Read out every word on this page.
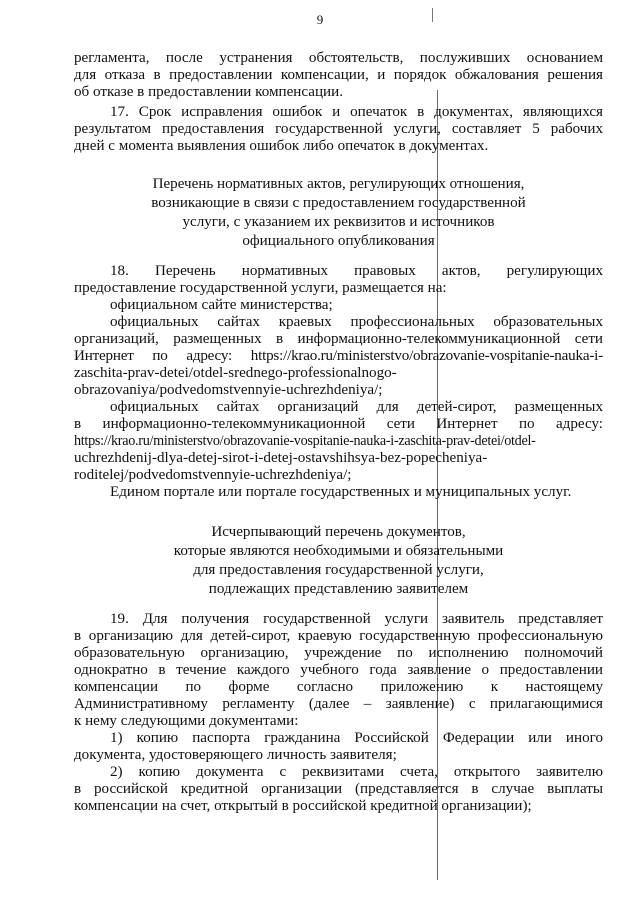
9
регламента, после устранения обстоятельств, послуживших основанием
для отказа в предоставлении компенсации, и порядок обжалования решения
об отказе в предоставлении компенсации.
17. Срок исправления ошибок и опечаток в документах, являющихся
результатом предоставления государственной услуги, составляет 5 рабочих
дней с момента выявления ошибок либо опечаток в документах.
Перечень нормативных актов, регулирующих отношения,
возникающие в связи с предоставлением государственной
услуги, с указанием их реквизитов и источников
официального опубликования
18. Перечень нормативных правовых актов, регулирующих
предоставление государственной услуги, размещается на:
официальном сайте министерства;
официальных сайтах краевых профессиональных образовательных
организаций, размещенных в информационно-телекоммуникационной сети
Интернет по адресу: https://krao.ru/ministerstvo/obrazovanie-vospitanie-nauka-i-
zaschita-prav-detei/otdel-srednego-professionalnogo-
obrazovaniya/podvedomstvennyie-uchrezhdeniya/;
официальных сайтах организаций для детей-сирот, размещенных
в информационно-телекоммуникационной сети Интернет по адресу:
https://krao.ru/ministerstvo/obrazovanie-vospitanie-nauka-i-zaschita-prav-detei/otdel-
uchrezhdenij-dlya-detej-sirot-i-detej-ostavshihsya-bez-popecheniya-
roditelej/podvedomstvennyie-uchrezhdeniya/;
Едином портале или портале государственных и муниципальных услуг.
Исчерпывающий перечень документов,
которые являются необходимыми и обязательными
для предоставления государственной услуги,
подлежащих представлению заявителем
19. Для получения государственной услуги заявитель представляет
в организацию для детей-сирот, краевую государственную профессиональную
образовательную организацию, учреждение по исполнению полномочий
однократно в течение каждого учебного года заявление о предоставлении
компенсации по форме согласно приложению к настоящему
Административному регламенту (далее – заявление) с прилагающимися
к нему следующими документами:
1) копию паспорта гражданина Российской Федерации или иного
документа, удостоверяющего личность заявителя;
2) копию документа с реквизитами счета, открытого заявителю
в российской кредитной организации (представляется в случае выплаты
компенсации на счет, открытый в российской кредитной организации);
